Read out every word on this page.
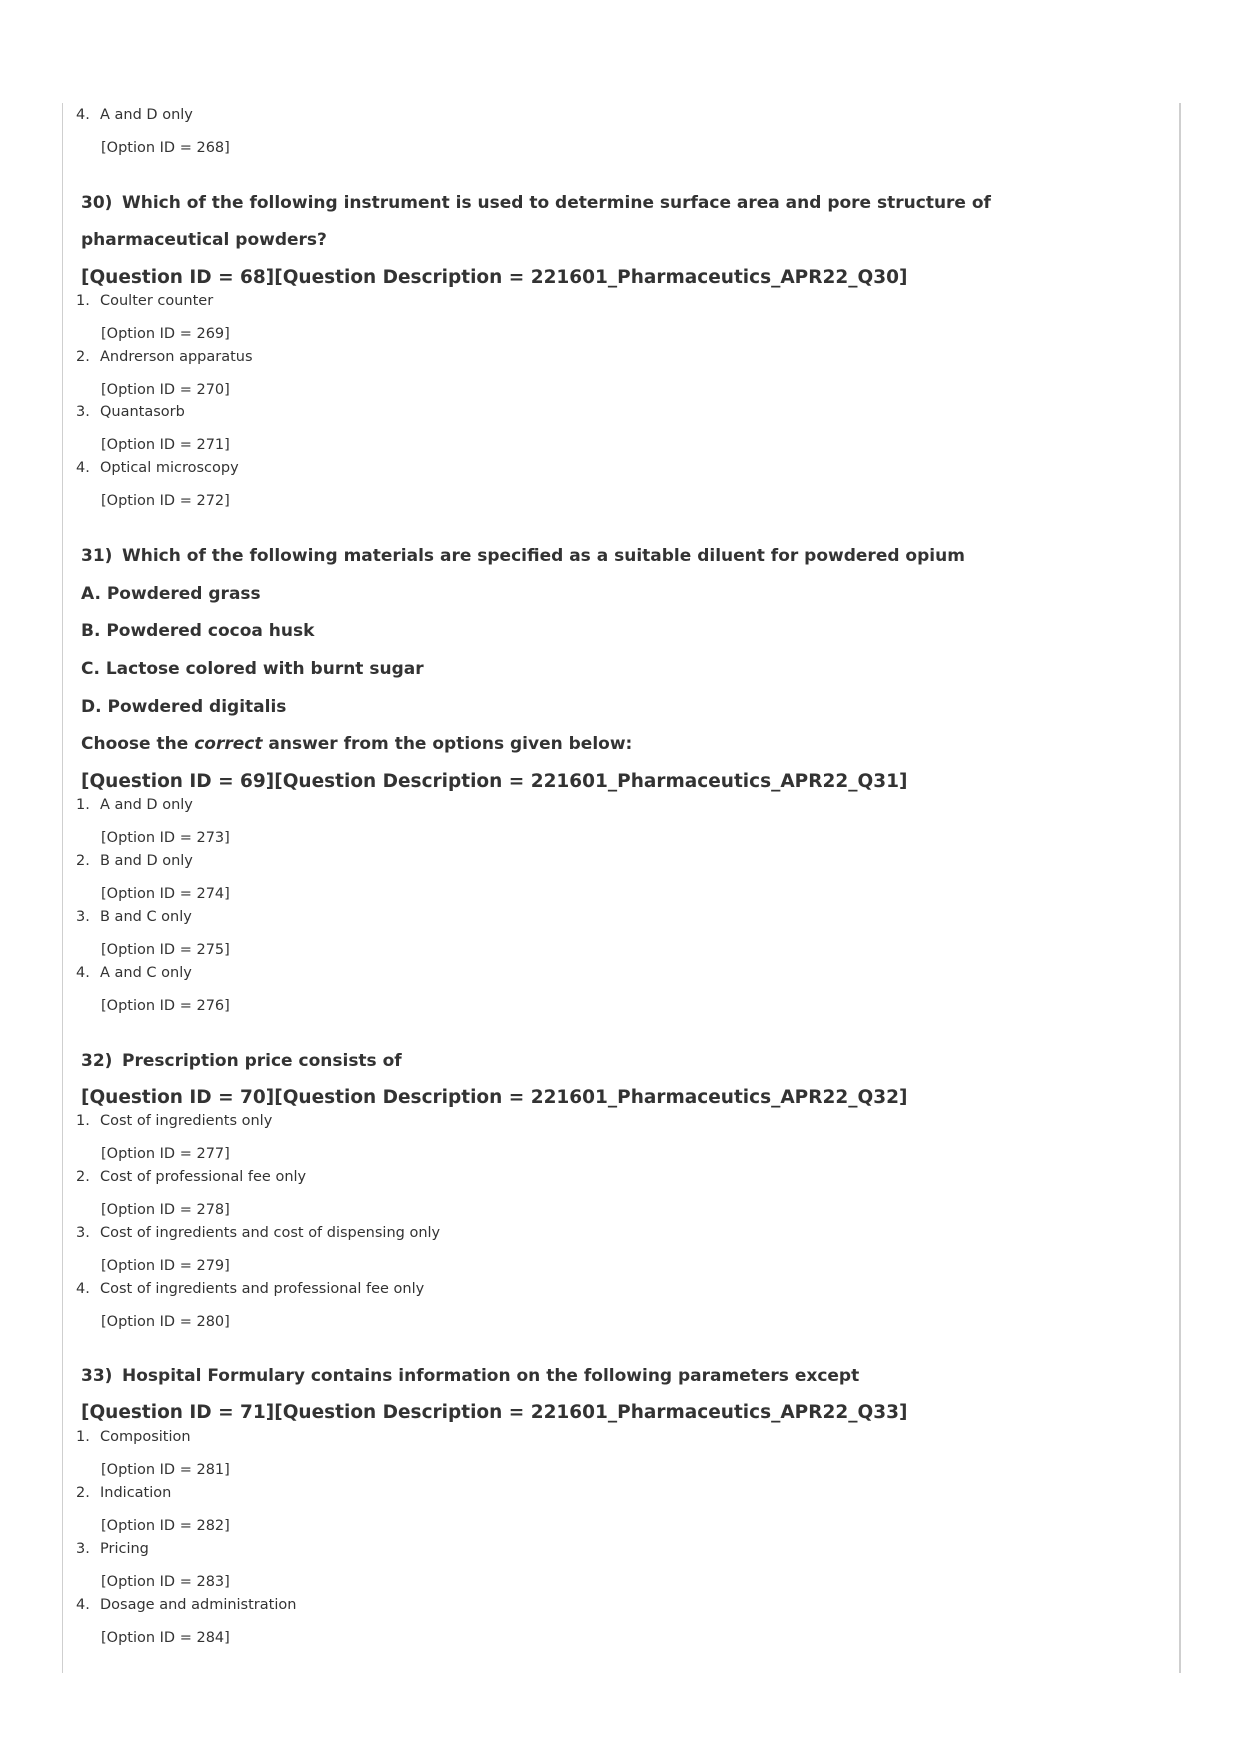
4. A and D only
[Option ID = 268]
30) Which of the following instrument is used to determine surface area and pore structure of
pharmaceutical powders?
[Question ID = 68][Question Description = 221601_Pharmaceutics_APR22_Q30]
1. Coulter counter
[Option ID = 269]
2. Andrerson apparatus
[Option ID = 270]
3. Quantasorb
[Option ID = 271]
4. Optical microscopy
[Option ID = 272]
31) Which of the following materials are specified as a suitable diluent for powdered opium
A. Powdered grass
B. Powdered cocoa husk
C. Lactose colored with burnt sugar
D. Powdered digitalis
Choose the correct answer from the options given below:
[Question ID = 69][Question Description = 221601_Pharmaceutics_APR22_Q31]
1. A and D only
[Option ID = 273]
2. B and D only
[Option ID = 274]
3. B and C only
[Option ID = 275]
4. A and C only
[Option ID = 276]
32) Prescription price consists of
[Question ID = 70][Question Description = 221601_Pharmaceutics_APR22_Q32]
1. Cost of ingredients only
[Option ID = 277]
2. Cost of professional fee only
[Option ID = 278]
3. Cost of ingredients and cost of dispensing only
[Option ID = 279]
4. Cost of ingredients and professional fee only
[Option ID = 280]
33) Hospital Formulary contains information on the following parameters except
[Question ID = 71][Question Description = 221601_Pharmaceutics_APR22_Q33]
1. Composition
[Option ID = 281]
2. Indication
[Option ID = 282]
3. Pricing
[Option ID = 283]
4. Dosage and administration
[Option ID = 284]
